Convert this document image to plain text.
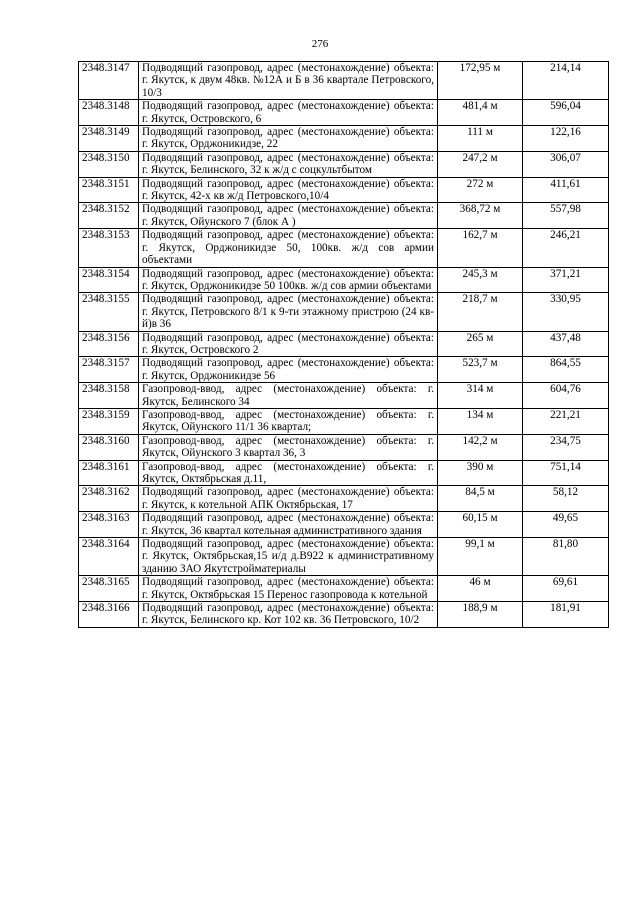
276
2348.3147	Подводящий газопровод, адрес (местонахождение) объекта: г. Якутск, к двум 48кв. №12А и Б в 36 квартале Петровского, 10/3	172,95 м	214,14
2348.3148	Подводящий газопровод, адрес (местонахождение) объекта: г. Якутск, Островского, 6	481,4 м	596,04
2348.3149	Подводящий газопровод, адрес (местонахождение) объекта: г. Якутск, Орджоникидзе, 22	111 м	122,16
2348.3150	Подводящий газопровод, адрес (местонахождение) объекта: г. Якутск, Белинского, 32 к ж/д с соцкультбытом	247,2 м	306,07
2348.3151	Подводящий газопровод, адрес (местонахождение) объекта: г. Якутск, 42-х кв ж/д Петровского,10/4	272 м	411,61
2348.3152	Подводящий газопровод, адрес (местонахождение) объекта: г. Якутск, Ойунского 7 (блок А )	368,72 м	557,98
2348.3153	Подводящий газопровод, адрес (местонахождение) объекта: г. Якутск, Орджоникидзе 50, 100кв. ж/д сов армии объектами	162,7 м	246,21
2348.3154	Подводящий газопровод, адрес (местонахождение) объекта: г. Якутск, Орджоникидзе 50 100кв. ж/д сов армии объектами	245,3 м	371,21
2348.3155	Подводящий газопровод, адрес (местонахождение) объекта: г. Якутск, Петровского 8/1 к 9-ти этажному пристрою (24 кв-й)в 36	218,7 м	330,95
2348.3156	Подводящий газопровод, адрес (местонахождение) объекта: г. Якутск, Островского 2	265 м	437,48
2348.3157	Подводящий газопровод, адрес (местонахождение) объекта: г. Якутск, Орджоникидзе 56	523,7 м	864,55
2348.3158	Газопровод-ввод, адрес (местонахождение) объекта: г. Якутск, Белинского 34	314 м	604,76
2348.3159	Газопровод-ввод, адрес (местонахождение) объекта: г. Якутск, Ойунского 11/1 36 квартал;	134 м	221,21
2348.3160	Газопровод-ввод, адрес (местонахождение) объекта: г. Якутск, Ойунского 3 квартал 36, 3	142,2 м	234,75
2348.3161	Газопровод-ввод, адрес (местонахождение) объекта: г. Якутск, Октябрьская д.11,	390 м	751,14
2348.3162	Подводящий газопровод, адрес (местонахождение) объекта: г. Якутск, к котельной АПК Октябрьская, 17	84,5 м	58,12
2348.3163	Подводящий газопровод, адрес (местонахождение) объекта: г. Якутск, 36 квартал котельная административного здания	60,15 м	49,65
2348.3164	Подводящий газопровод, адрес (местонахождение) объекта: г. Якутск, Октябрьская,15 и/д д.В922 к административному зданию ЗАО Якутстройматериалы	99,1 м	81,80
2348.3165	Подводящий газопровод, адрес (местонахождение) объекта: г. Якутск, Октябрьская 15 Перенос газопровода к котельной	46 м	69,61
2348.3166	Подводящий газопровод, адрес (местонахождение) объекта: г. Якутск, Белинского кр. Кот 102 кв. 36 Петровского, 10/2	188,9 м	181,91
